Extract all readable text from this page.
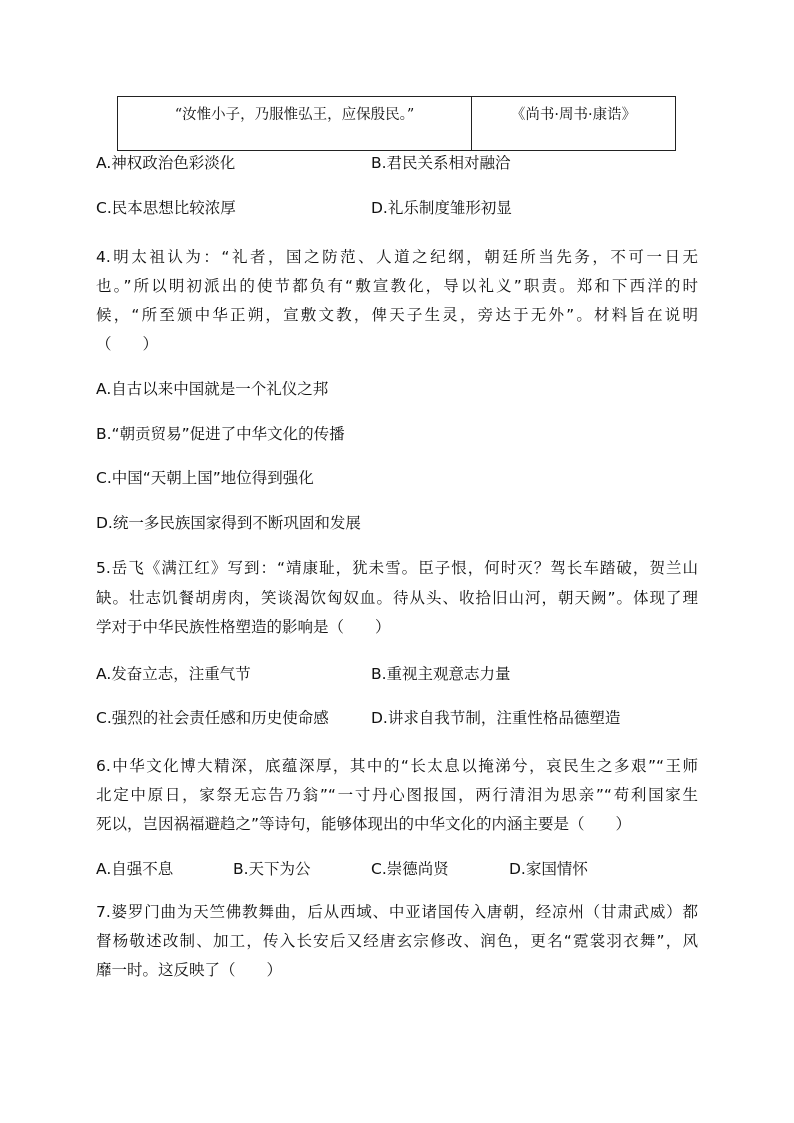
“汝惟小子，乃服惟弘王，应保殷民。”	《尚书·周书·康诰》
A.神权政治色彩淡化	B.君民关系相对融洽
C.民本思想比较浓厚	D.礼乐制度雏形初显
4.明太祖认为：“礼者，国之防范、人道之纪纲，朝廷所当先务，不可一日无
也。”所以明初派出的使节都负有“敷宣教化，导以礼义”职责。郑和下西洋的时
候，“所至颁中华正朔，宣敷文教，俾天子生灵，旁达于无外”。材料旨在说明
（　　）
A.自古以来中国就是一个礼仪之邦
B.“朝贡贸易”促进了中华文化的传播
C.中国“天朝上国”地位得到强化
D.统一多民族国家得到不断巩固和发展
5.岳飞《满江红》写到：“靖康耻，犹未雪。臣子恨，何时灭？驾长车踏破，贺兰山
缺。壮志饥餐胡虏肉，笑谈渴饮匈奴血。待从头、收拾旧山河，朝天阙”。体现了理
学对于中华民族性格塑造的影响是（　　）
A.发奋立志，注重气节	B.重视主观意志力量
C.强烈的社会责任感和历史使命感	D.讲求自我节制，注重性格品德塑造
6.中华文化博大精深，底蕴深厚，其中的“长太息以掩涕兮，哀民生之多艰”“王师
北定中原日，家祭无忘告乃翁”“一寸丹心图报国，两行清泪为思亲”“苟利国家生
死以，岂因祸福避趋之”等诗句，能够体现出的中华文化的内涵主要是（　　）
A.自强不息	B.天下为公	C.崇德尚贤	D.家国情怀
7.婆罗门曲为天竺佛教舞曲，后从西域、中亚诸国传入唐朝，经凉州（甘肃武威）都
督杨敬述改制、加工，传入长安后又经唐玄宗修改、润色，更名“霓裳羽衣舞”，风
靡一时。这反映了（　　）
